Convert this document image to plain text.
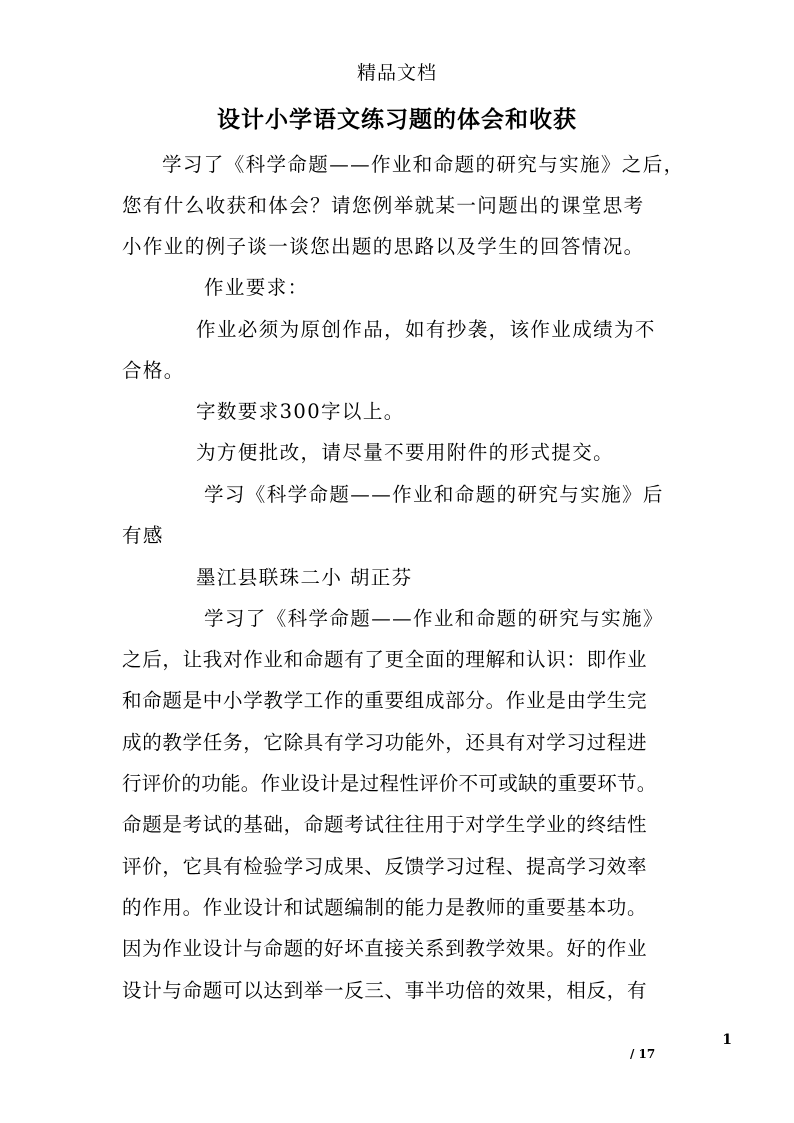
精品文档
设计小学语文练习题的体会和收获
学习了《科学命题——作业和命题的研究与实施》之后，
您有什么收获和体会？请您例举就某一问题出的课堂思考
小作业的例子谈一谈您出题的思路以及学生的回答情况。
作业要求：
作业必须为原创作品，如有抄袭，该作业成绩为不
合格。
字数要求300字以上。
为方便批改，请尽量不要用附件的形式提交。
学习《科学命题——作业和命题的研究与实施》后
有感
墨江县联珠二小 胡正芬
学习了《科学命题——作业和命题的研究与实施》
之后，让我对作业和命题有了更全面的理解和认识：即作业
和命题是中小学教学工作的重要组成部分。作业是由学生完
成的教学任务，它除具有学习功能外，还具有对学习过程进
行评价的功能。作业设计是过程性评价不可或缺的重要环节。
命题是考试的基础，命题考试往往用于对学生学业的终结性
评价，它具有检验学习成果、反馈学习过程、提高学习效率
的作用。作业设计和试题编制的能力是教师的重要基本功。
因为作业设计与命题的好坏直接关系到教学效果。好的作业
设计与命题可以达到举一反三、事半功倍的效果，相反，有
1
/ 17
